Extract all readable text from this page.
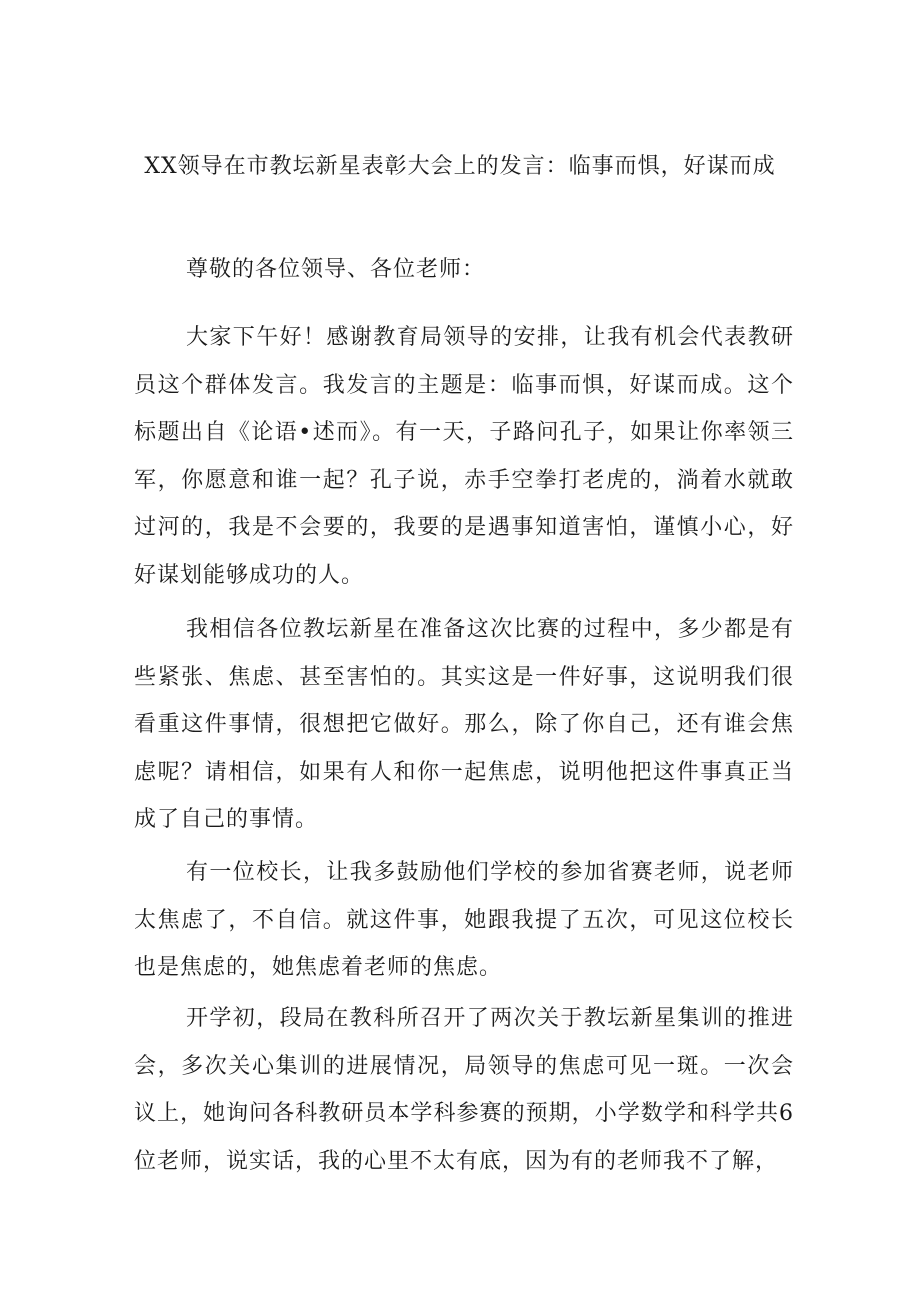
XX领导在市教坛新星表彰大会上的发言：临事而惧，好谋而成

尊敬的各位领导、各位老师：

大家下午好！感谢教育局领导的安排，让我有机会代表教研员这个群体发言。我发言的主题是：临事而惧，好谋而成。这个标题出自《论语•述而》。有一天，子路问孔子，如果让你率领三军，你愿意和谁一起？孔子说，赤手空拳打老虎的，淌着水就敢过河的，我是不会要的，我要的是遇事知道害怕，谨慎小心，好好谋划能够成功的人。

我相信各位教坛新星在准备这次比赛的过程中，多少都是有些紧张、焦虑、甚至害怕的。其实这是一件好事，这说明我们很看重这件事情，很想把它做好。那么，除了你自己，还有谁会焦虑呢？请相信，如果有人和你一起焦虑，说明他把这件事真正当成了自己的事情。

有一位校长，让我多鼓励他们学校的参加省赛老师，说老师太焦虑了，不自信。就这件事，她跟我提了五次，可见这位校长也是焦虑的，她焦虑着老师的焦虑。

开学初，段局在教科所召开了两次关于教坛新星集训的推进会，多次关心集训的进展情况，局领导的焦虑可见一斑。一次会议上，她询问各科教研员本学科参赛的预期，小学数学和科学共6位老师，说实话，我的心里不太有底，因为有的老师我不了解，
